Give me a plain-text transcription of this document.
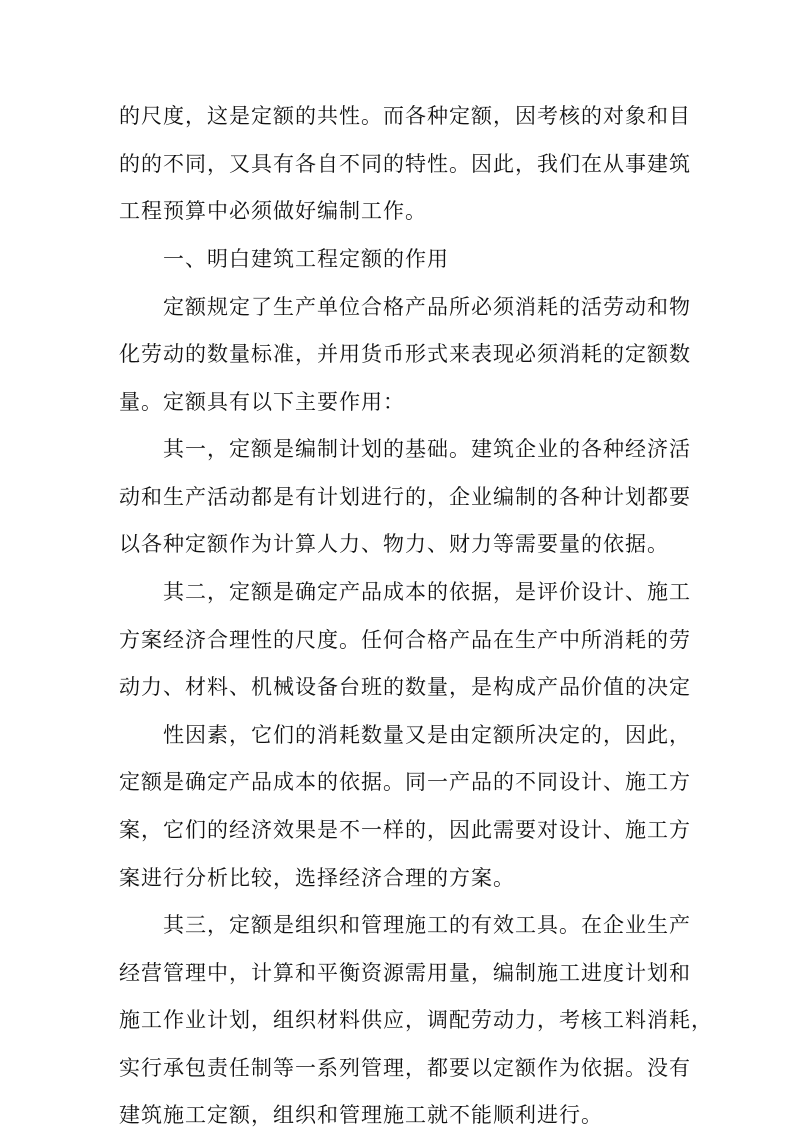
的尺度，这是定额的共性。而各种定额，因考核的对象和目
的的不同，又具有各自不同的特性。因此，我们在从事建筑
工程预算中必须做好编制工作。
一、明白建筑工程定额的作用
定额规定了生产单位合格产品所必须消耗的活劳动和物
化劳动的数量标准，并用货币形式来表现必须消耗的定额数
量。定额具有以下主要作用：
其一，定额是编制计划的基础。建筑企业的各种经济活
动和生产活动都是有计划进行的，企业编制的各种计划都要
以各种定额作为计算人力、物力、财力等需要量的依据。
其二，定额是确定产品成本的依据，是评价设计、施工
方案经济合理性的尺度。任何合格产品在生产中所消耗的劳
动力、材料、机械设备台班的数量，是构成产品价值的决定
性因素，它们的消耗数量又是由定额所决定的，因此，
定额是确定产品成本的依据。同一产品的不同设计、施工方
案，它们的经济效果是不一样的，因此需要对设计、施工方
案进行分析比较，选择经济合理的方案。
其三，定额是组织和管理施工的有效工具。在企业生产
经营管理中，计算和平衡资源需用量，编制施工进度计划和
施工作业计划，组织材料供应，调配劳动力，考核工料消耗，
实行承包责任制等一系列管理，都要以定额作为依据。没有
建筑施工定额，组织和管理施工就不能顺利进行。
